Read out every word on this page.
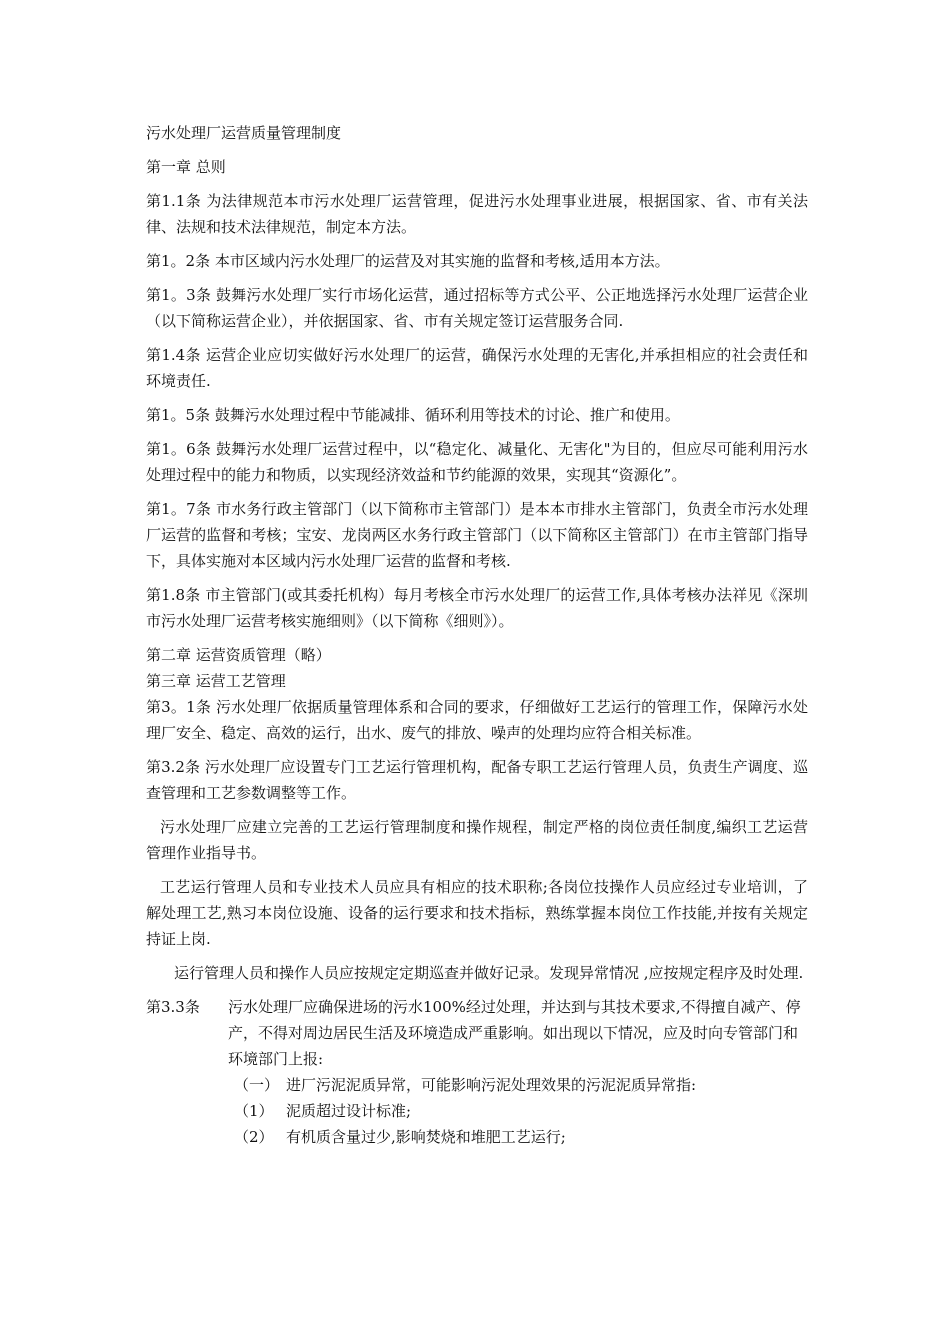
污水处理厂运营质量管理制度
第一章 总则
第1.1条 为法律规范本市污水处理厂运营管理，促进污水处理事业进展，根据国家、省、市有关法律、法规和技术法律规范，制定本方法。
第1。2条 本市区域内污水处理厂的运营及对其实施的监督和考核,适用本方法。
第1。3条 鼓舞污水处理厂实行市场化运营，通过招标等方式公平、公正地选择污水处理厂运营企业（以下简称运营企业），并依据国家、省、市有关规定签订运营服务合同.
第1.4条 运营企业应切实做好污水处理厂的运营，确保污水处理的无害化,并承担相应的社会责任和环境责任.
第1。5条 鼓舞污水处理过程中节能减排、循环利用等技术的讨论、推广和使用。
第1。6条 鼓舞污水处理厂运营过程中，以“稳定化、减量化、无害化"为目的，但应尽可能利用污水处理过程中的能力和物质，以实现经济效益和节约能源的效果，实现其“资源化”。
第1。7条 市水务行政主管部门（以下简称市主管部门）是本本市排水主管部门，负责全市污水处理厂运营的监督和考核；宝安、龙岗两区水务行政主管部门（以下简称区主管部门）在市主管部门指导下，具体实施对本区域内污水处理厂运营的监督和考核.
第1.8条 市主管部门(或其委托机构）每月考核全市污水处理厂的运营工作,具体考核办法祥见《深圳市污水处理厂运营考核实施细则》（以下简称《细则》）。
第二章 运营资质管理（略）
第三章 运营工艺管理
第3。1条 污水处理厂依据质量管理体系和合同的要求，仔细做好工艺运行的管理工作，保障污水处理厂安全、稳定、高效的运行，出水、废气的排放、噪声的处理均应符合相关标准。
第3.2条 污水处理厂应设置专门工艺运行管理机构，配备专职工艺运行管理人员，负责生产调度、巡查管理和工艺参数调整等工作。
污水处理厂应建立完善的工艺运行管理制度和操作规程，制定严格的岗位责任制度,编织工艺运营管理作业指导书。
工艺运行管理人员和专业技术人员应具有相应的技术职称;各岗位技操作人员应经过专业培训，了解处理工艺,熟习本岗位设施、设备的运行要求和技术指标，熟练掌握本岗位工作技能,并按有关规定持证上岗.
运行管理人员和操作人员应按规定定期巡查并做好记录。发现异常情况 ,应按规定程序及时处理.
第3.3条	污水处理厂应确保进场的污水100%经过处理，并达到与其技术要求,不得擅自减产、停产，不得对周边居民生活及环境造成严重影响。如出现以下情况，应及时向专管部门和环境部门上报:
（一） 进厂污泥泥质异常，可能影响污泥处理效果的污泥泥质异常指:
（1） 泥质超过设计标准;
（2） 有机质含量过少,影响焚烧和堆肥工艺运行;
